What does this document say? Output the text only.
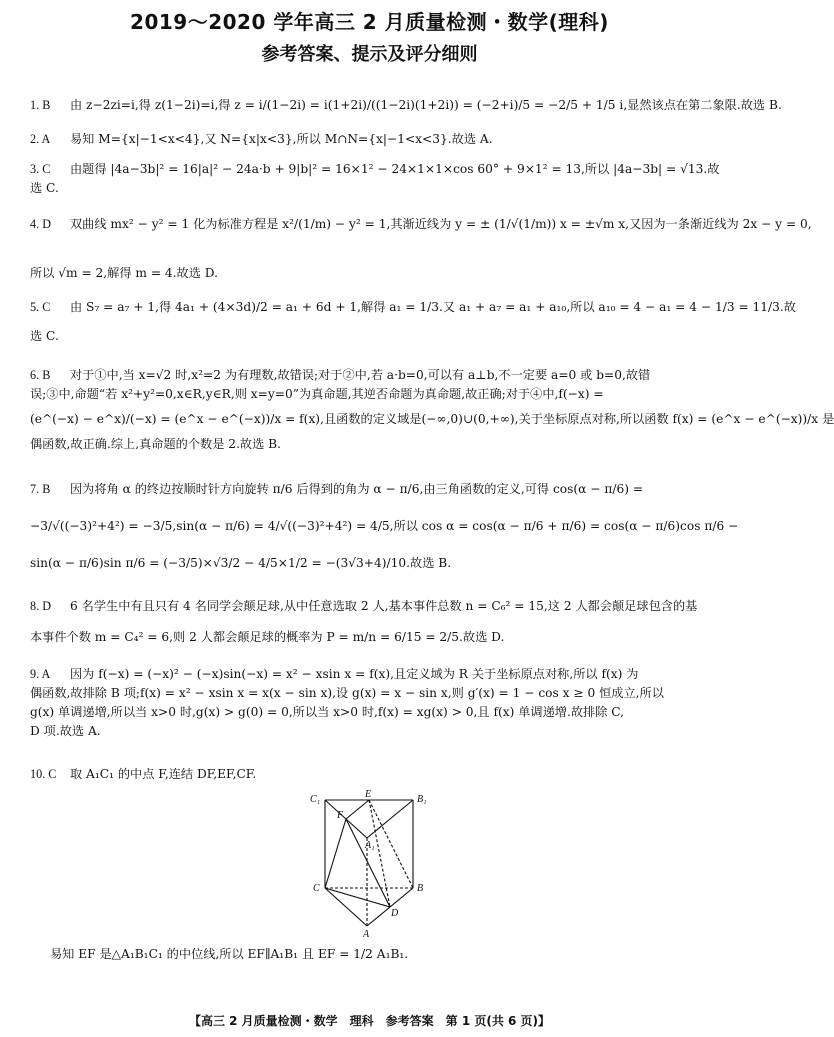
2019～2020 学年高三 2 月质量检测・数学(理科)
参考答案、提示及评分细则
1. B 由 z−2zi=i,得 z(1−2i)=i,得 z = i/(1−2i) = i(1+2i)/((1−2i)(1+2i)) = (−2+i)/5 = −2/5 + 1/5 i,显然该点在第二象限.故选 B.
2. A 易知 M={x|−1<x<4},又 N={x|x<3},所以 M∩N={x|−1<x<3}.故选 A.
3. C 由题得 |4a−3b|² = 16|a|² − 24a·b + 9|b|² = 16×1² − 24×1×1×cos 60° + 9×1² = 13,所以 |4a−3b| = √13.故
选 C.
4. D 双曲线 mx² − y² = 1 化为标准方程是 x²/(1/m) − y² = 1,其渐近线为 y = ± (1/√(1/m)) x = ±√m x,又因为一条渐近线为 2x − y = 0,
所以 √m = 2,解得 m = 4.故选 D.
5. C 由 S₇ = a₇ + 1,得 4a₁ + (4×3d)/2 = a₁ + 6d + 1,解得 a₁ = 1/3.又 a₁ + a₇ = a₁ + a₁₀,所以 a₁₀ = 4 − a₁ = 4 − 1/3 = 11/3.故
选 C.
6. B 对于①中,当 x=√2 时,x²=2 为有理数,故错误;对于②中,若 a·b=0,可以有 a⊥b,不一定要 a=0 或 b=0,故错
误;③中,命题“若 x²+y²=0,x∈R,y∈R,则 x=y=0”为真命题,其逆否命题为真命题,故正确;对于④中,f(−x) =
(e^(−x) − e^x)/(−x) = (e^x − e^(−x))/x = f(x),且函数的定义域是(−∞,0)∪(0,+∞),关于坐标原点对称,所以函数 f(x) = (e^x − e^(−x))/x 是
偶函数,故正确.综上,真命题的个数是 2.故选 B.
7. B 因为将角 α 的终边按顺时针方向旋转 π/6 后得到的角为 α − π/6,由三角函数的定义,可得 cos(α − π/6) =
−3/√((−3)²+4²) = −3/5,sin(α − π/6) = 4/√((−3)²+4²) = 4/5,所以 cos α = cos(α − π/6 + π/6) = cos(α − π/6)cos π/6 −
sin(α − π/6)sin π/6 = (−3/5)×√3/2 − 4/5×1/2 = −(3√3+4)/10.故选 B.
8. D 6 名学生中有且只有 4 名同学会颠足球,从中任意选取 2 人,基本事件总数 n = C₆² = 15,这 2 人都会颠足球包含的基
本事件个数 m = C₄² = 6,则 2 人都会颠足球的概率为 P = m/n = 6/15 = 2/5.故选 D.
9. A 因为 f(−x) = (−x)² − (−x)sin(−x) = x² − xsin x = f(x),且定义域为 R 关于坐标原点对称,所以 f(x) 为
偶函数,故排除 B 项;f(x) = x² − xsin x = x(x − sin x),设 g(x) = x − sin x,则 g′(x) = 1 − cos x ≥ 0 恒成立,所以
g(x) 单调递增,所以当 x>0 时,g(x) > g(0) = 0,所以当 x>0 时,f(x) = xg(x) > 0,且 f(x) 单调递增.故排除 C,
D 项.故选 A.
10. C 取 A₁C₁ 的中点 F,连结 DF,EF,CF.
C₁	E	B₁
F
A₁
C	B
D
A
易知 EF 是△A₁B₁C₁ 的中位线,所以 EF∥A₁B₁ 且 EF = 1/2 A₁B₁.
【高三 2 月质量检测・数学　理科　参考答案　第 1 页(共 6 页)】
